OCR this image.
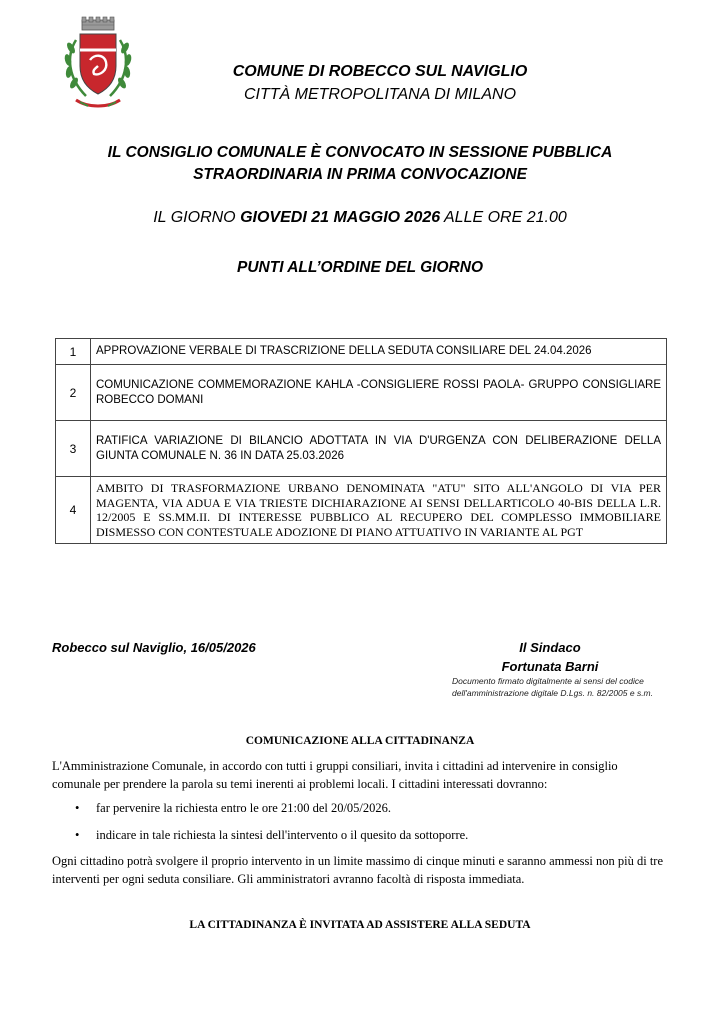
COMUNE DI ROBECCO SUL NAVIGLIO
CITTÀ METROPOLITANA DI MILANO
IL CONSIGLIO COMUNALE È CONVOCATO IN SESSIONE PUBBLICA
STRAORDINARIA IN PRIMA CONVOCAZIONE
IL GIORNO GIOVEDI 21 MAGGIO 2026 ALLE ORE 21.00
PUNTI ALL’ORDINE DEL GIORNO
1	APPROVAZIONE VERBALE DI TRASCRIZIONE DELLA SEDUTA CONSILIARE DEL 24.04.2026
2	COMUNICAZIONE COMMEMORAZIONE KAHLA -CONSIGLIERE ROSSI PAOLA- GRUPPO CONSIGLIARE ROBECCO DOMANI
3	RATIFICA VARIAZIONE DI BILANCIO ADOTTATA IN VIA D'URGENZA CON DELIBERAZIONE DELLA GIUNTA COMUNALE N. 36 IN DATA 25.03.2026
4	AMBITO DI TRASFORMAZIONE URBANO DENOMINATA "ATU" SITO ALL'ANGOLO DI VIA PER MAGENTA, VIA ADUA E VIA TRIESTE DICHIARAZIONE AI SENSI DELLARTICOLO 40-BIS DELLA L.R. 12/2005 E SS.MM.II. DI INTERESSE PUBBLICO AL RECUPERO DEL COMPLESSO IMMOBILIARE DISMESSO CON CONTESTUALE ADOZIONE DI PIANO ATTUATIVO IN VARIANTE AL PGT
Robecco sul Naviglio, 16/05/2026	Il Sindaco
Fortunata Barni
Documento firmato digitalmente ai sensi del codice
dell'amministrazione digitale D.Lgs. n. 82/2005 e s.m.
COMUNICAZIONE ALLA CITTADINANZA
L'Amministrazione Comunale, in accordo con tutti i gruppi consiliari, invita i cittadini ad intervenire in consiglio comunale per prendere la parola su temi inerenti ai problemi locali. I cittadini interessati dovranno:
• far pervenire la richiesta entro le ore 21:00 del 20/05/2026.
• indicare in tale richiesta la sintesi dell'intervento o il quesito da sottoporre.
Ogni cittadino potrà svolgere il proprio intervento in un limite massimo di cinque minuti e saranno ammessi non più di tre interventi per ogni seduta consiliare. Gli amministratori avranno facoltà di risposta immediata.
LA CITTADINANZA È INVITATA AD ASSISTERE ALLA SEDUTA
